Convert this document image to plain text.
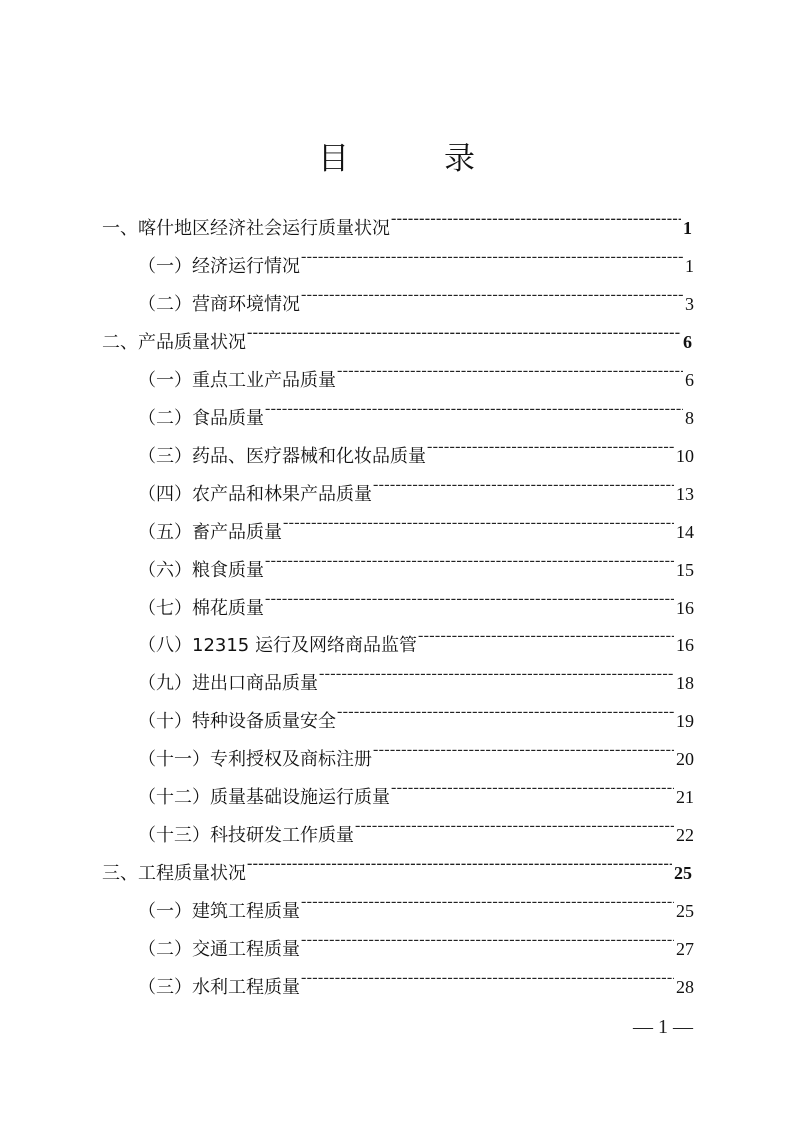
目　录
一、喀什地区经济社会运行质量状况 -----	1
（一）经济运行情况 -----	1
（二）营商环境情况 -----	3
二、产品质量状况 -----	6
（一）重点工业产品质量 -----	6
（二）食品质量 -----	8
（三）药品、医疗器械和化妆品质量 -----	10
（四）农产品和林果产品质量 -----	13
（五）畜产品质量 -----	14
（六）粮食质量 -----	15
（七）棉花质量 -----	16
（八）12315 运行及网络商品监管 -----	16
（九）进出口商品质量 -----	18
（十）特种设备质量安全 -----	19
（十一）专利授权及商标注册 -----	20
（十二）质量基础设施运行质量 -----	21
（十三）科技研发工作质量 -----	22
三、工程质量状况 -----	25
（一）建筑工程质量 -----	25
（二）交通工程质量 -----	27
（三）水利工程质量 -----	28
— 1 —
